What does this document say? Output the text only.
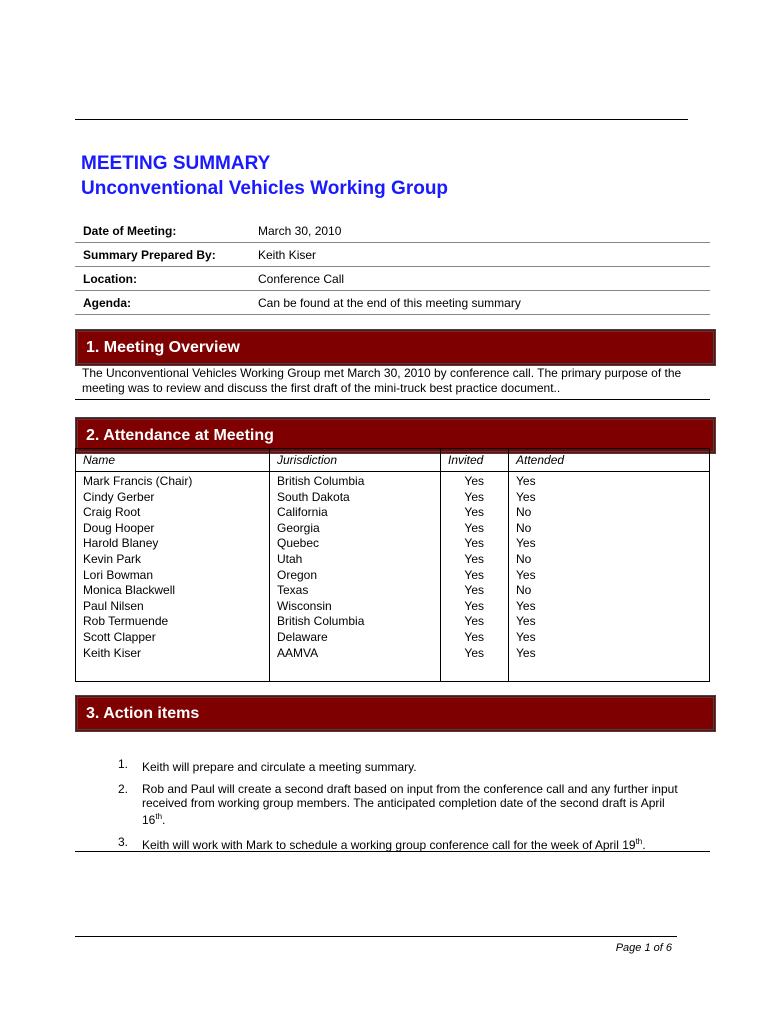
MEETING SUMMARY
Unconventional Vehicles Working Group
Date of Meeting:	March 30, 2010
Summary Prepared By:	Keith Kiser
Location:	Conference Call
Agenda:	Can be found at the end of this meeting summary
1. Meeting Overview
The Unconventional Vehicles Working Group met March 30, 2010 by conference call. The primary purpose of the meeting was to review and discuss the first draft of the mini-truck best practice document..
2. Attendance at Meeting
Name	Jurisdiction	Invited	Attended
Mark Francis (Chair)	British Columbia	Yes	Yes
Cindy Gerber	South Dakota	Yes	Yes
Craig Root	California	Yes	No
Doug Hooper	Georgia	Yes	No
Harold Blaney	Quebec	Yes	Yes
Kevin Park	Utah	Yes	No
Lori Bowman	Oregon	Yes	Yes
Monica Blackwell	Texas	Yes	No
Paul Nilsen	Wisconsin	Yes	Yes
Rob Termuende	British Columbia	Yes	Yes
Scott Clapper	Delaware	Yes	Yes
Keith Kiser	AAMVA	Yes	Yes

3. Action items
1.	Keith will prepare and circulate a meeting summary.
2.	Rob and Paul will create a second draft based on input from the conference call and any further input received from working group members. The anticipated completion date of the second draft is April 16th.
3.	Keith will work with Mark to schedule a working group conference call for the week of April 19th.
Page 1 of 6
